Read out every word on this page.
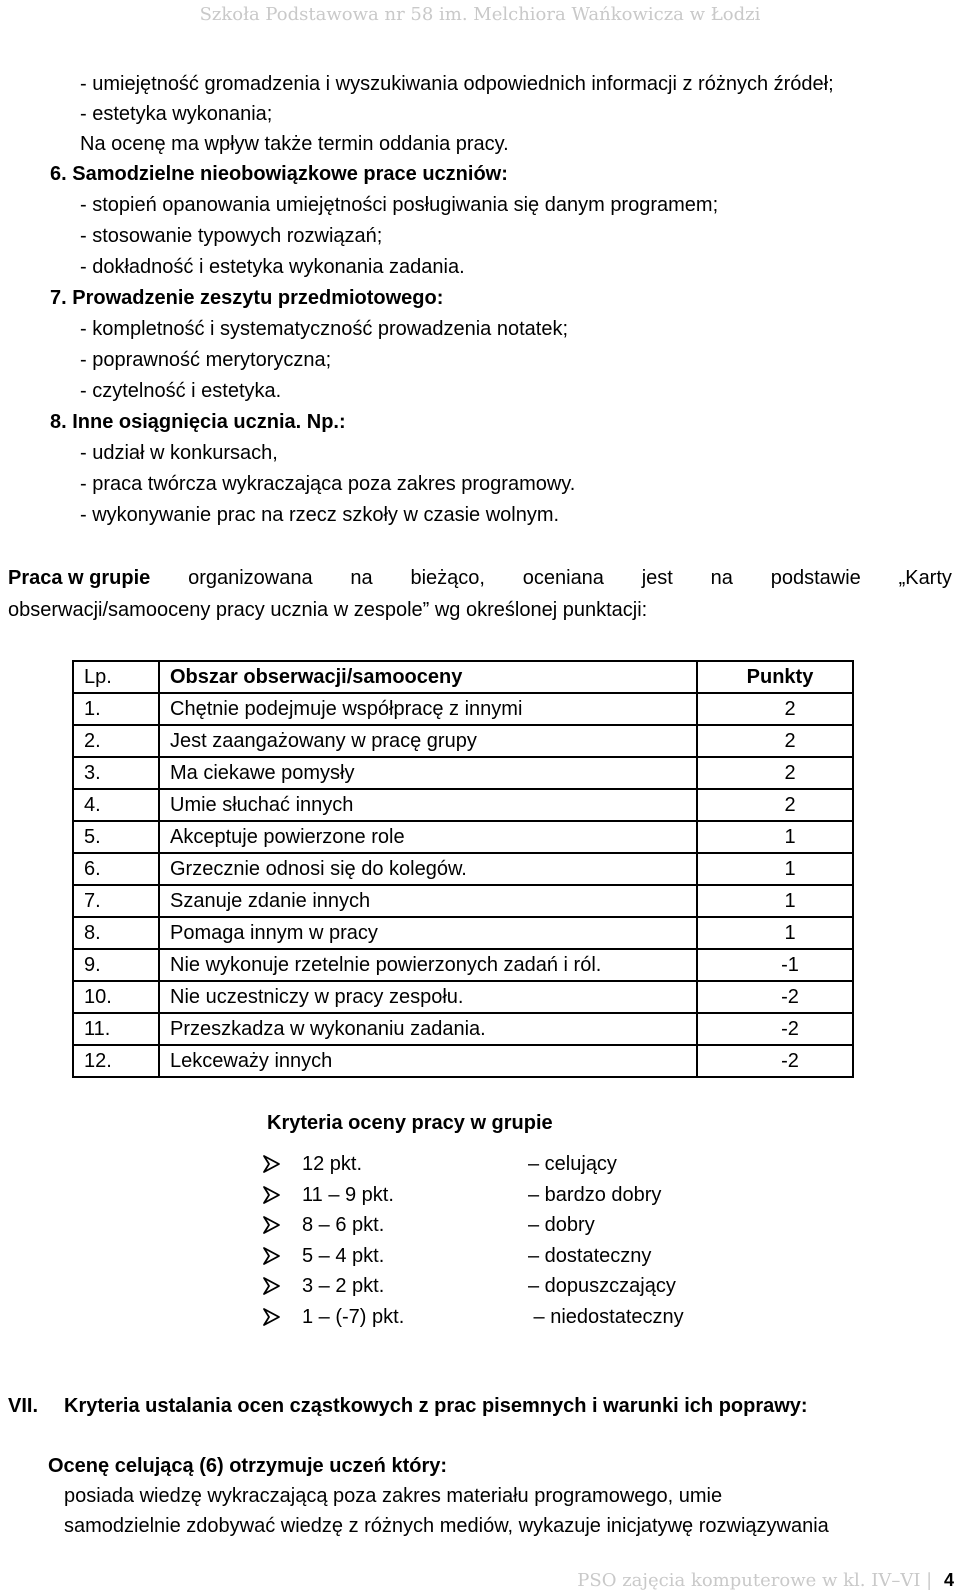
Szkoła Podstawowa nr 58 im. Melchiora Wańkowicza w Łodzi
- umiejętność gromadzenia i wyszukiwania odpowiednich informacji z różnych źródeł;
- estetyka wykonania;
Na ocenę ma wpływ także termin oddania pracy.
6. Samodzielne nieobowiązkowe prace uczniów:
- stopień opanowania umiejętności posługiwania się danym programem;
- stosowanie typowych rozwiązań;
- dokładność i estetyka wykonania zadania.
7. Prowadzenie zeszytu przedmiotowego:
- kompletność i systematyczność prowadzenia notatek;
- poprawność merytoryczna;
- czytelność i estetyka.
8. Inne osiągnięcia ucznia. Np.:
- udział w konkursach,
- praca twórcza wykraczająca poza zakres programowy.
- wykonywanie prac na rzecz szkoły w czasie wolnym.
Praca w grupie organizowana na bieżąco, oceniana jest na podstawie „Karty
obserwacji/samooceny pracy ucznia w zespole” wg określonej punktacji:
Lp.	Obszar obserwacji/samooceny	Punkty
1.	Chętnie podejmuje współpracę z innymi	2
2.	Jest zaangażowany w pracę grupy	2
3.	Ma ciekawe pomysły	2
4.	Umie słuchać innych	2
5.	Akceptuje powierzone role	1
6.	Grzecznie odnosi się do kolegów.	1
7.	Szanuje zdanie innych	1
8.	Pomaga innym w pracy	1
9.	Nie wykonuje rzetelnie powierzonych zadań i ról.	-1
10.	Nie uczestniczy w pracy zespołu.	-2
11.	Przeszkadza w wykonaniu zadania.	-2
12.	Lekceważy innych	-2
Kryteria oceny pracy w grupie
12 pkt.	– celujący
11 – 9 pkt.	– bardzo dobry
8 – 6 pkt.	– dobry
5 – 4 pkt.	– dostateczny
3 – 2 pkt.	– dopuszczający
1 – (-7) pkt.	– niedostateczny
VII. Kryteria ustalania ocen cząstkowych z prac pisemnych i warunki ich poprawy:
Ocenę celującą (6) otrzymuje uczeń który:
posiada wiedzę wykraczającą poza zakres materiału programowego, umie
samodzielnie zdobywać wiedzę z różnych mediów, wykazuje inicjatywę rozwiązywania
PSO zajęcia komputerowe w kl. IV–VI | 4
